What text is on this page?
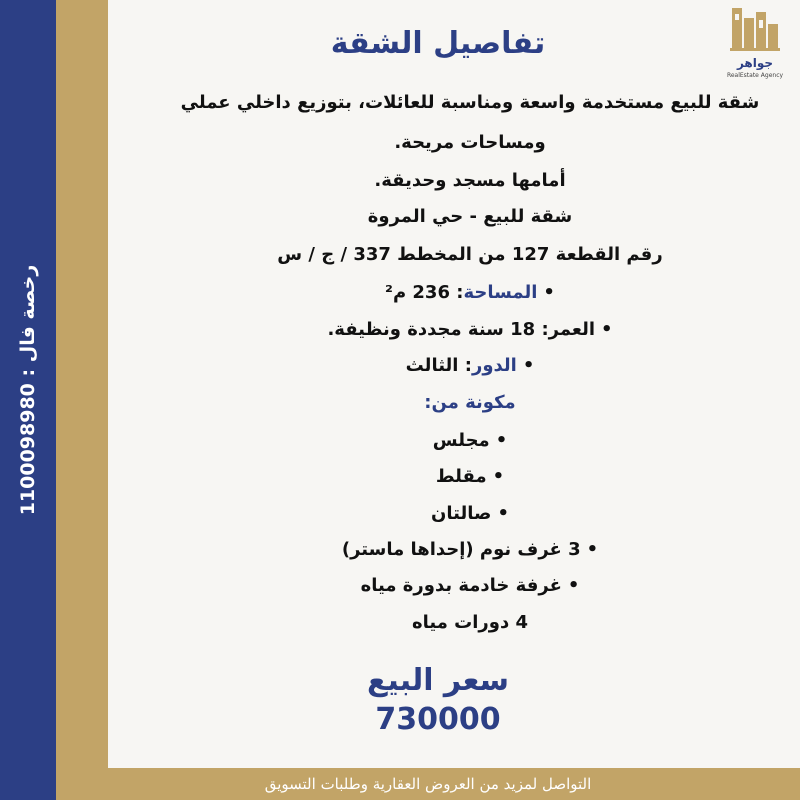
رخصة فال : 1100098980
جواهر
RealEstate Agency
تفاصيل الشقة
شقة للبيع مستخدمة واسعة ومناسبة للعائلات، بتوزيع داخلي عملي
ومساحات مريحة.
أمامها مسجد وحديقة.
شقة للبيع - حي المروة
رقم القطعة 127 من المخطط 337 / ج / س
•المساحة: 236 م²
•العمر: 18 سنة مجددة ونظيفة.
•الدور: الثالث
مكونة من:
•مجلس
•مقلط
•صالتان
•3 غرف نوم (إحداها ماستر)
•غرفة خادمة بدورة مياه
4 دورات مياه
سعر البيع
730000
التواصل لمزيد من العروض العقارية وطلبات التسويق
